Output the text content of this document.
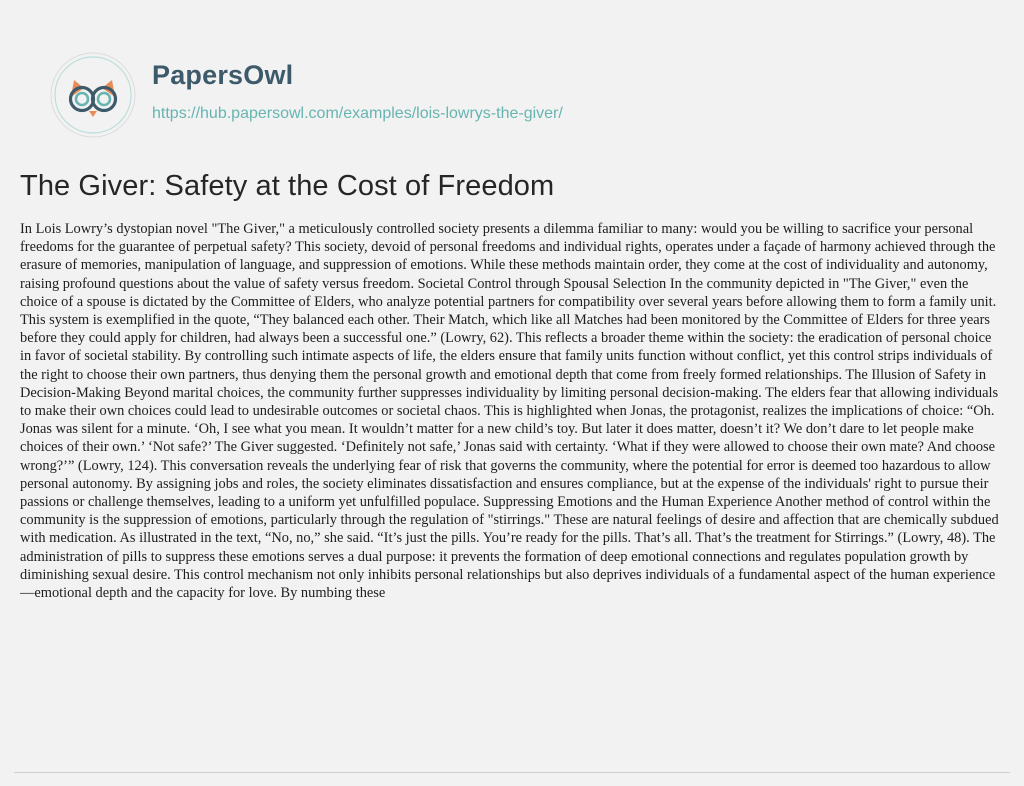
PapersOwl
https://hub.papersowl.com/examples/lois-lowrys-the-giver/
The Giver: Safety at the Cost of Freedom

In Lois Lowry’s dystopian novel "The Giver," a meticulously controlled society presents a dilemma familiar to many: would you be willing to sacrifice your personal freedoms for the guarantee of perpetual safety? This society, devoid of personal freedoms and individual rights, operates under a façade of harmony achieved through the erasure of memories, manipulation of language, and suppression of emotions. While these methods maintain order, they come at the cost of individuality and autonomy, raising profound questions about the value of safety versus freedom. Societal Control through Spousal Selection In the community depicted in "The Giver," even the choice of a spouse is dictated by the Committee of Elders, who analyze potential partners for compatibility over several years before allowing them to form a family unit. This system is exemplified in the quote, “They balanced each other. Their Match, which like all Matches had been monitored by the Committee of Elders for three years before they could apply for children, had always been a successful one.” (Lowry, 62). This reflects a broader theme within the society: the eradication of personal choice in favor of societal stability. By controlling such intimate aspects of life, the elders ensure that family units function without conflict, yet this control strips individuals of the right to choose their own partners, thus denying them the personal growth and emotional depth that come from freely formed relationships. The Illusion of Safety in Decision-Making Beyond marital choices, the community further suppresses individuality by limiting personal decision-making. The elders fear that allowing individuals to make their own choices could lead to undesirable outcomes or societal chaos. This is highlighted when Jonas, the protagonist, realizes the implications of choice: “Oh. Jonas was silent for a minute. ‘Oh, I see what you mean. It wouldn’t matter for a new child’s toy. But later it does matter, doesn’t it? We don’t dare to let people make choices of their own.’ ‘Not safe?’ The Giver suggested. ‘Definitely not safe,’ Jonas said with certainty. ‘What if they were allowed to choose their own mate? And choose wrong?’” (Lowry, 124). This conversation reveals the underlying fear of risk that governs the community, where the potential for error is deemed too hazardous to allow personal autonomy. By assigning jobs and roles, the society eliminates dissatisfaction and ensures compliance, but at the expense of the individuals' right to pursue their passions or challenge themselves, leading to a uniform yet unfulfilled populace. Suppressing Emotions and the Human Experience Another method of control within the community is the suppression of emotions, particularly through the regulation of "stirrings." These are natural feelings of desire and affection that are chemically subdued with medication. As illustrated in the text, “No, no,” she said. “It’s just the pills. You’re ready for the pills. That’s all. That’s the treatment for Stirrings.” (Lowry, 48). The administration of pills to suppress these emotions serves a dual purpose: it prevents the formation of deep emotional connections and regulates population growth by diminishing sexual desire. This control mechanism not only inhibits personal relationships but also deprives individuals of a fundamental aspect of the human experience—emotional depth and the capacity for love. By numbing these
